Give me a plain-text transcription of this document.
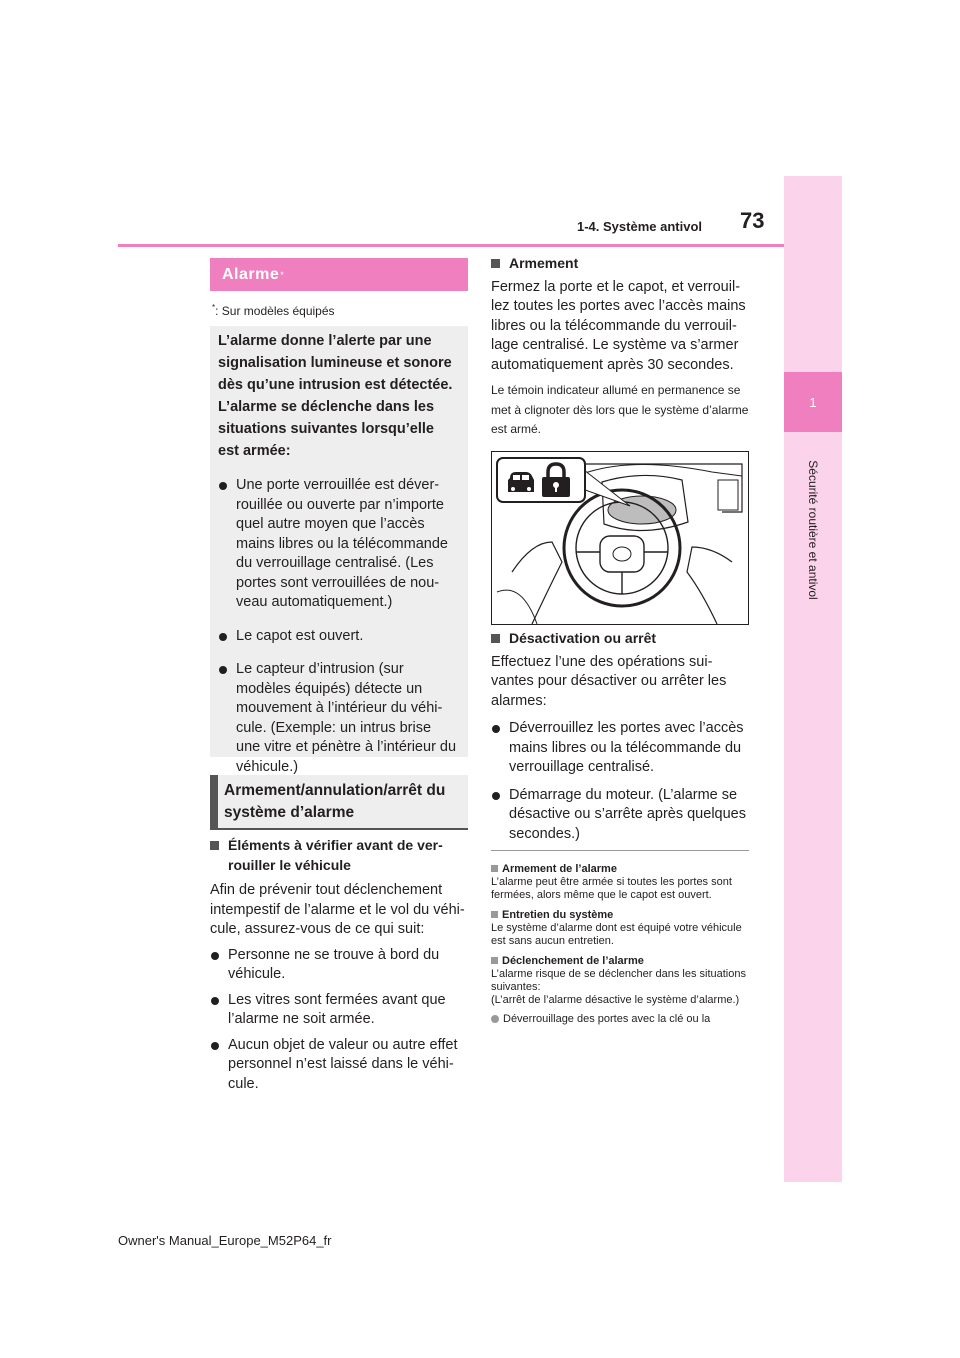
73
1-4. Système antivol
1
Sécurité routière et antivol
Alarme *
*: Sur modèles équipés
L’alarme donne l’alerte par une
signalisation lumineuse et sonore
dès qu’une intrusion est détectée.
L’alarme se déclenche dans les
situations suivantes lorsqu’elle
est armée:
Une porte verrouillée est déver-rouillée ou ouverte par n’importe quel autre moyen que l’accès mains libres ou la télécommande du verrouillage centralisé. (Les portes sont verrouillées de nou-veau automatiquement.)
Le capot est ouvert.
Le capteur d’intrusion (sur modèles équipés) détecte un mouvement à l’intérieur du véhi-cule. (Exemple: un intrus brise une vitre et pénètre à l’intérieur du véhicule.)
Armement/annulation/arrêt du système d’alarme
Éléments à vérifier avant de ver-rouiller le véhicule
Afin de prévenir tout déclenchement intempestif de l’alarme et le vol du véhi-cule, assurez-vous de ce qui suit:
Personne ne se trouve à bord du véhicule.
Les vitres sont fermées avant que l’alarme ne soit armée.
Aucun objet de valeur ou autre effet personnel n’est laissé dans le véhi-cule.
Armement
Fermez la porte et le capot, et verrouil-lez toutes les portes avec l’accès mains libres ou la télécommande du verrouil-lage centralisé. Le système va s’armer automatiquement après 30 secondes.
Le témoin indicateur allumé en permanence se met à clignoter dès lors que le système d’alarme est armé.
Désactivation ou arrêt
Effectuez l’une des opérations sui-vantes pour désactiver ou arrêter les alarmes:
Déverrouillez les portes avec l’accès mains libres ou la télécommande du verrouillage centralisé.
Démarrage du moteur. (L’alarme se désactive ou s’arrête après quelques secondes.)
Armement de l’alarme
L’alarme peut être armée si toutes les portes sont fermées, alors même que le capot est ouvert.
Entretien du système
Le système d’alarme dont est équipé votre véhicule est sans aucun entretien.
Déclenchement de l’alarme
L’alarme risque de se déclencher dans les situations suivantes:
(L’arrêt de l’alarme désactive le système d’alarme.)
Déverrouillage des portes avec la clé ou la
Owner's Manual_Europe_M52P64_fr
